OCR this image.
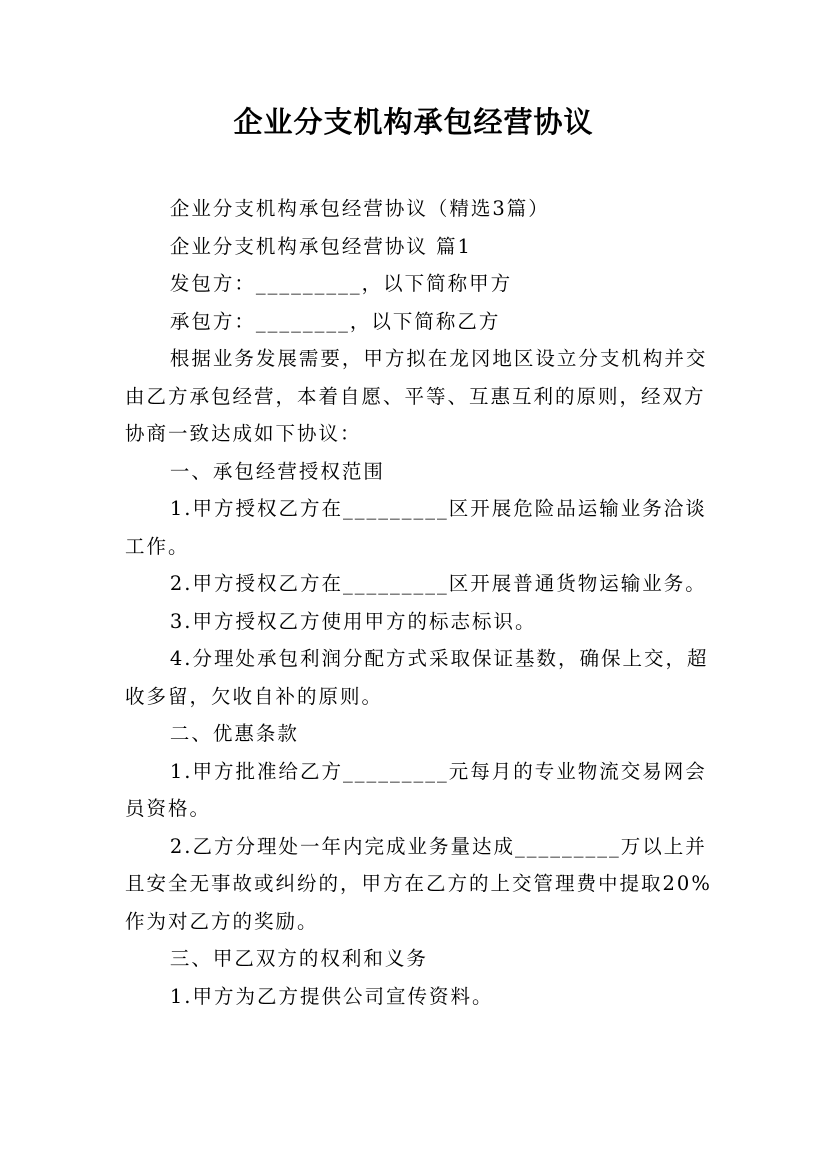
企业分支机构承包经营协议

企业分支机构承包经营协议（精选3篇）

企业分支机构承包经营协议 篇1

发包方：_________，以下简称甲方

承包方：________，以下简称乙方

根据业务发展需要，甲方拟在龙冈地区设立分支机构并交由乙方承包经营，本着自愿、平等、互惠互利的原则，经双方协商一致达成如下协议：

一、承包经营授权范围

1.甲方授权乙方在_________区开展危险品运输业务洽谈工作。

2.甲方授权乙方在_________区开展普通货物运输业务。

3.甲方授权乙方使用甲方的标志标识。

4.分理处承包利润分配方式采取保证基数，确保上交，超收多留，欠收自补的原则。

二、优惠条款

1.甲方批准给乙方_________元每月的专业物流交易网会员资格。

2.乙方分理处一年内完成业务量达成_________万以上并且安全无事故或纠纷的，甲方在乙方的上交管理费中提取20%作为对乙方的奖励。

三、甲乙双方的权利和义务

1.甲方为乙方提供公司宣传资料。
